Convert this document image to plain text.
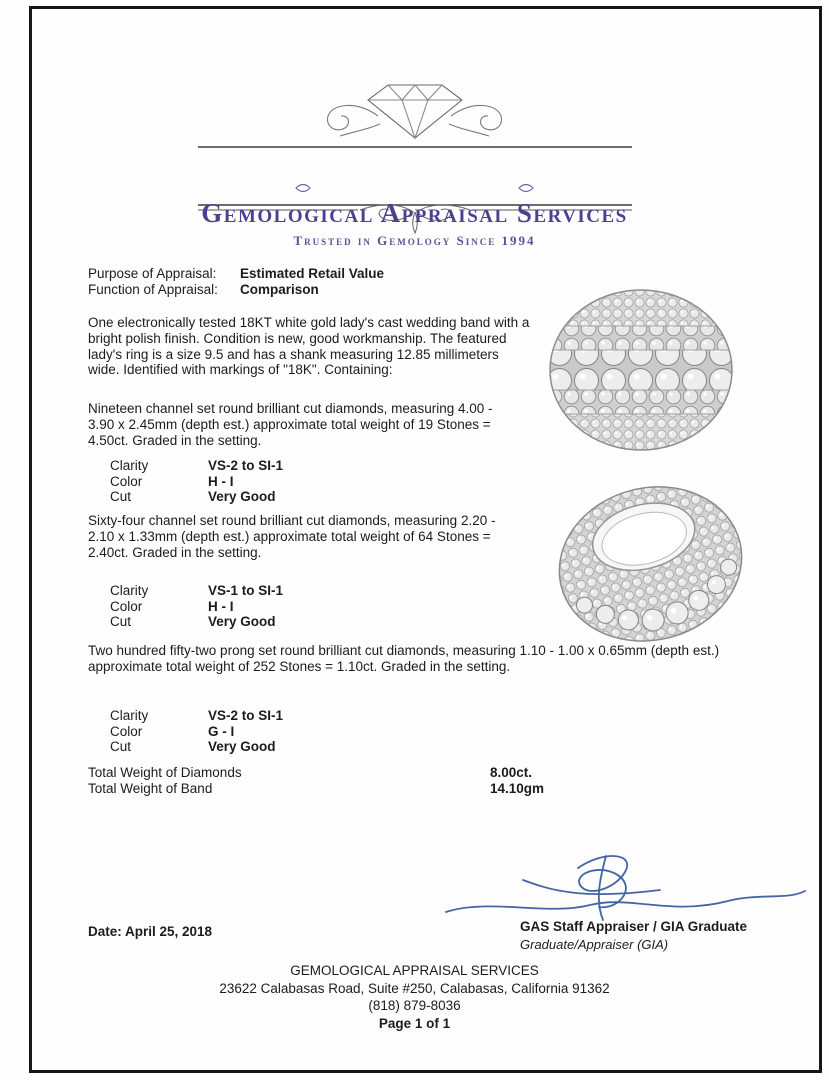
Gemological Appraisal Services
Trusted in Gemology Since 1994
Purpose of Appraisal: Estimated Retail Value
Function of Appraisal: Comparison
One electronically tested 18KT white gold lady's cast wedding band with a bright polish finish. Condition is new, good workmanship. The featured lady's ring is a size 9.5 and has a shank measuring 12.85 millimeters wide. Identified with markings of "18K". Containing:
Nineteen channel set round brilliant cut diamonds, measuring 4.00 - 3.90 x 2.45mm (depth est.) approximate total weight of 19 Stones = 4.50ct. Graded in the setting.
Clarity	VS-2 to SI-1
Color	H - I
Cut	Very Good
Sixty-four channel set round brilliant cut diamonds, measuring 2.20 - 2.10 x 1.33mm (depth est.) approximate total weight of 64 Stones = 2.40ct. Graded in the setting.
Clarity	VS-1 to SI-1
Color	H - I
Cut	Very Good
Two hundred fifty-two prong set round brilliant cut diamonds, measuring 1.10 - 1.00 x 0.65mm (depth est.) approximate total weight of 252 Stones = 1.10ct. Graded in the setting.
Clarity	VS-2 to SI-1
Color	G - I
Cut	Very Good
Total Weight of Diamonds	8.00ct.
Total Weight of Band	14.10gm
GAS Staff Appraiser / GIA Graduate
Graduate/Appraiser (GIA)
Date: April 25, 2018
GEMOLOGICAL APPRAISAL SERVICES
23622 Calabasas Road, Suite #250, Calabasas, California 91362
(818) 879-8036
Page 1 of 1
